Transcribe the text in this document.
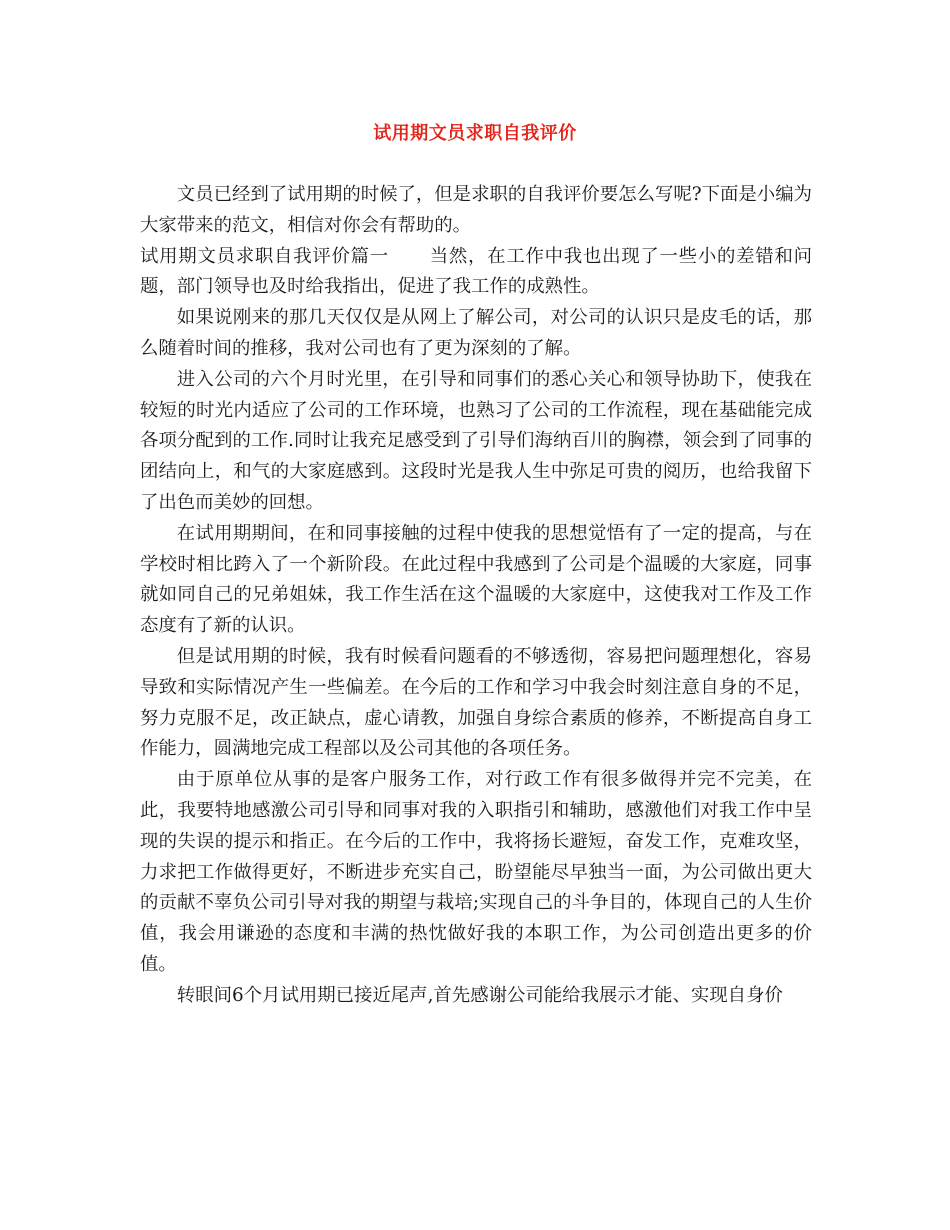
试用期文员求职自我评价

文员已经到了试用期的时候了，但是求职的自我评价要怎么写呢?下面是小编为大家带来的范文，相信对你会有帮助的。

试用期文员求职自我评价篇一 当然，在工作中我也出现了一些小的差错和问题，部门领导也及时给我指出，促进了我工作的成熟性。

如果说刚来的那几天仅仅是从网上了解公司，对公司的认识只是皮毛的话，那么随着时间的推移，我对公司也有了更为深刻的了解。

进入公司的六个月时光里，在引导和同事们的悉心关心和领导协助下，使我在较短的时光内适应了公司的工作环境，也熟习了公司的工作流程，现在基础能完成各项分配到的工作.同时让我充足感受到了引导们海纳百川的胸襟，领会到了同事的团结向上，和气的大家庭感到。这段时光是我人生中弥足可贵的阅历，也给我留下了出色而美妙的回想。

在试用期期间，在和同事接触的过程中使我的思想觉悟有了一定的提高，与在学校时相比跨入了一个新阶段。在此过程中我感到了公司是个温暖的大家庭，同事就如同自己的兄弟姐妹，我工作生活在这个温暖的大家庭中，这使我对工作及工作态度有了新的认识。

但是试用期的时候，我有时候看问题看的不够透彻，容易把问题理想化，容易导致和实际情况产生一些偏差。在今后的工作和学习中我会时刻注意自身的不足，努力克服不足，改正缺点，虚心请教，加强自身综合素质的修养，不断提高自身工作能力，圆满地完成工程部以及公司其他的各项任务。

由于原单位从事的是客户服务工作，对行政工作有很多做得并完不完美，在此，我要特地感激公司引导和同事对我的入职指引和辅助，感激他们对我工作中呈现的失误的提示和指正。在今后的工作中，我将扬长避短，奋发工作，克难攻坚，力求把工作做得更好，不断进步充实自己，盼望能尽早独当一面，为公司做出更大的贡献不辜负公司引导对我的期望与栽培;实现自己的斗争目的，体现自己的人生价值，我会用谦逊的态度和丰满的热忱做好我的本职工作，为公司创造出更多的价值。

转眼间6个月试用期已接近尾声,首先感谢公司能给我展示才能、实现自身价
